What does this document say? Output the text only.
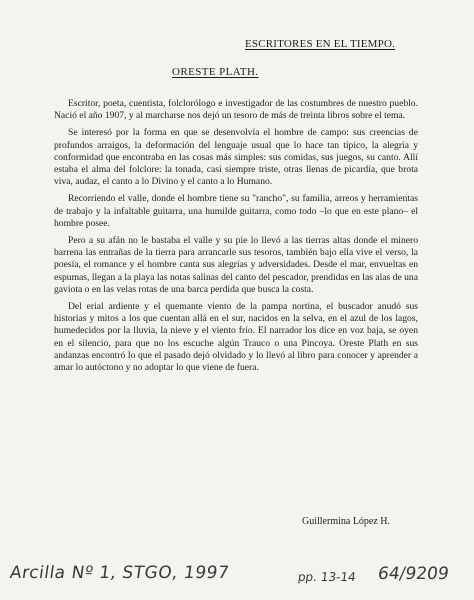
ESCRITORES EN EL TIEMPO.
ORESTE PLATH.

Escritor, poeta, cuentista, folclorólogo e investigador de las costumbres de nuestro pueblo. Nació el año 1907, y al marcharse nos dejó un tesoro de más de treinta libros sobre el tema.

Se interesó por la forma en que se desenvolvía el hombre de campo: sus creencias de profundos arraigos, la deformación del lenguaje usual que lo hace tan típico, la alegría y conformidad que encontraba en las cosas más simples: sus comidas, sus juegos, su canto. Allí estaba el alma del folclore: la tonada, casi siempre triste, otras llenas de picardía, que brota viva, audaz, el canto a lo Divino y el canto a lo Humano.

Recorriendo el valle, donde el hombre tiene su "rancho", su familia, arreos y herramientas de trabajo y la infaltable guitarra, una humilde guitarra, como todo –lo que en este plano– el hombre posee.

Pero a su afán no le bastaba el valle y su pie lo llevó a las tierras altas donde el minero barrena las entrañas de la tierra para arrancarle sus tesoros, también bajo ella vive el verso, la poesía, el romance y el hombre canta sus alegrías y adversidades. Desde el mar, envueltas en espumas, llegan a la playa las notas salinas del canto del pescador, prendidas en las alas de una gaviota o en las velas rotas de una barca perdida que busca la costa.

Del erial ardiente y el quemante viento de la pampa nortina, el buscador anudó sus historias y mitos a los que cuentan allá en el sur, nacidos en la selva, en el azul de los lagos, humedecidos por la lluvia, la nieve y el viento frío. El narrador los dice en voz baja, se oyen en el silencio, para que no los escuche algún Trauco o una Pincoya. Oreste Plath en sus andanzas encontró lo que el pasado dejó olvidado y lo llevó al libro para conocer y aprender a amar lo autóctono y no adoptar lo que viene de fuera.

Guillermina López H.
Arcilla Nº 1, STGO, 1997	pp. 13-14 64/9209
